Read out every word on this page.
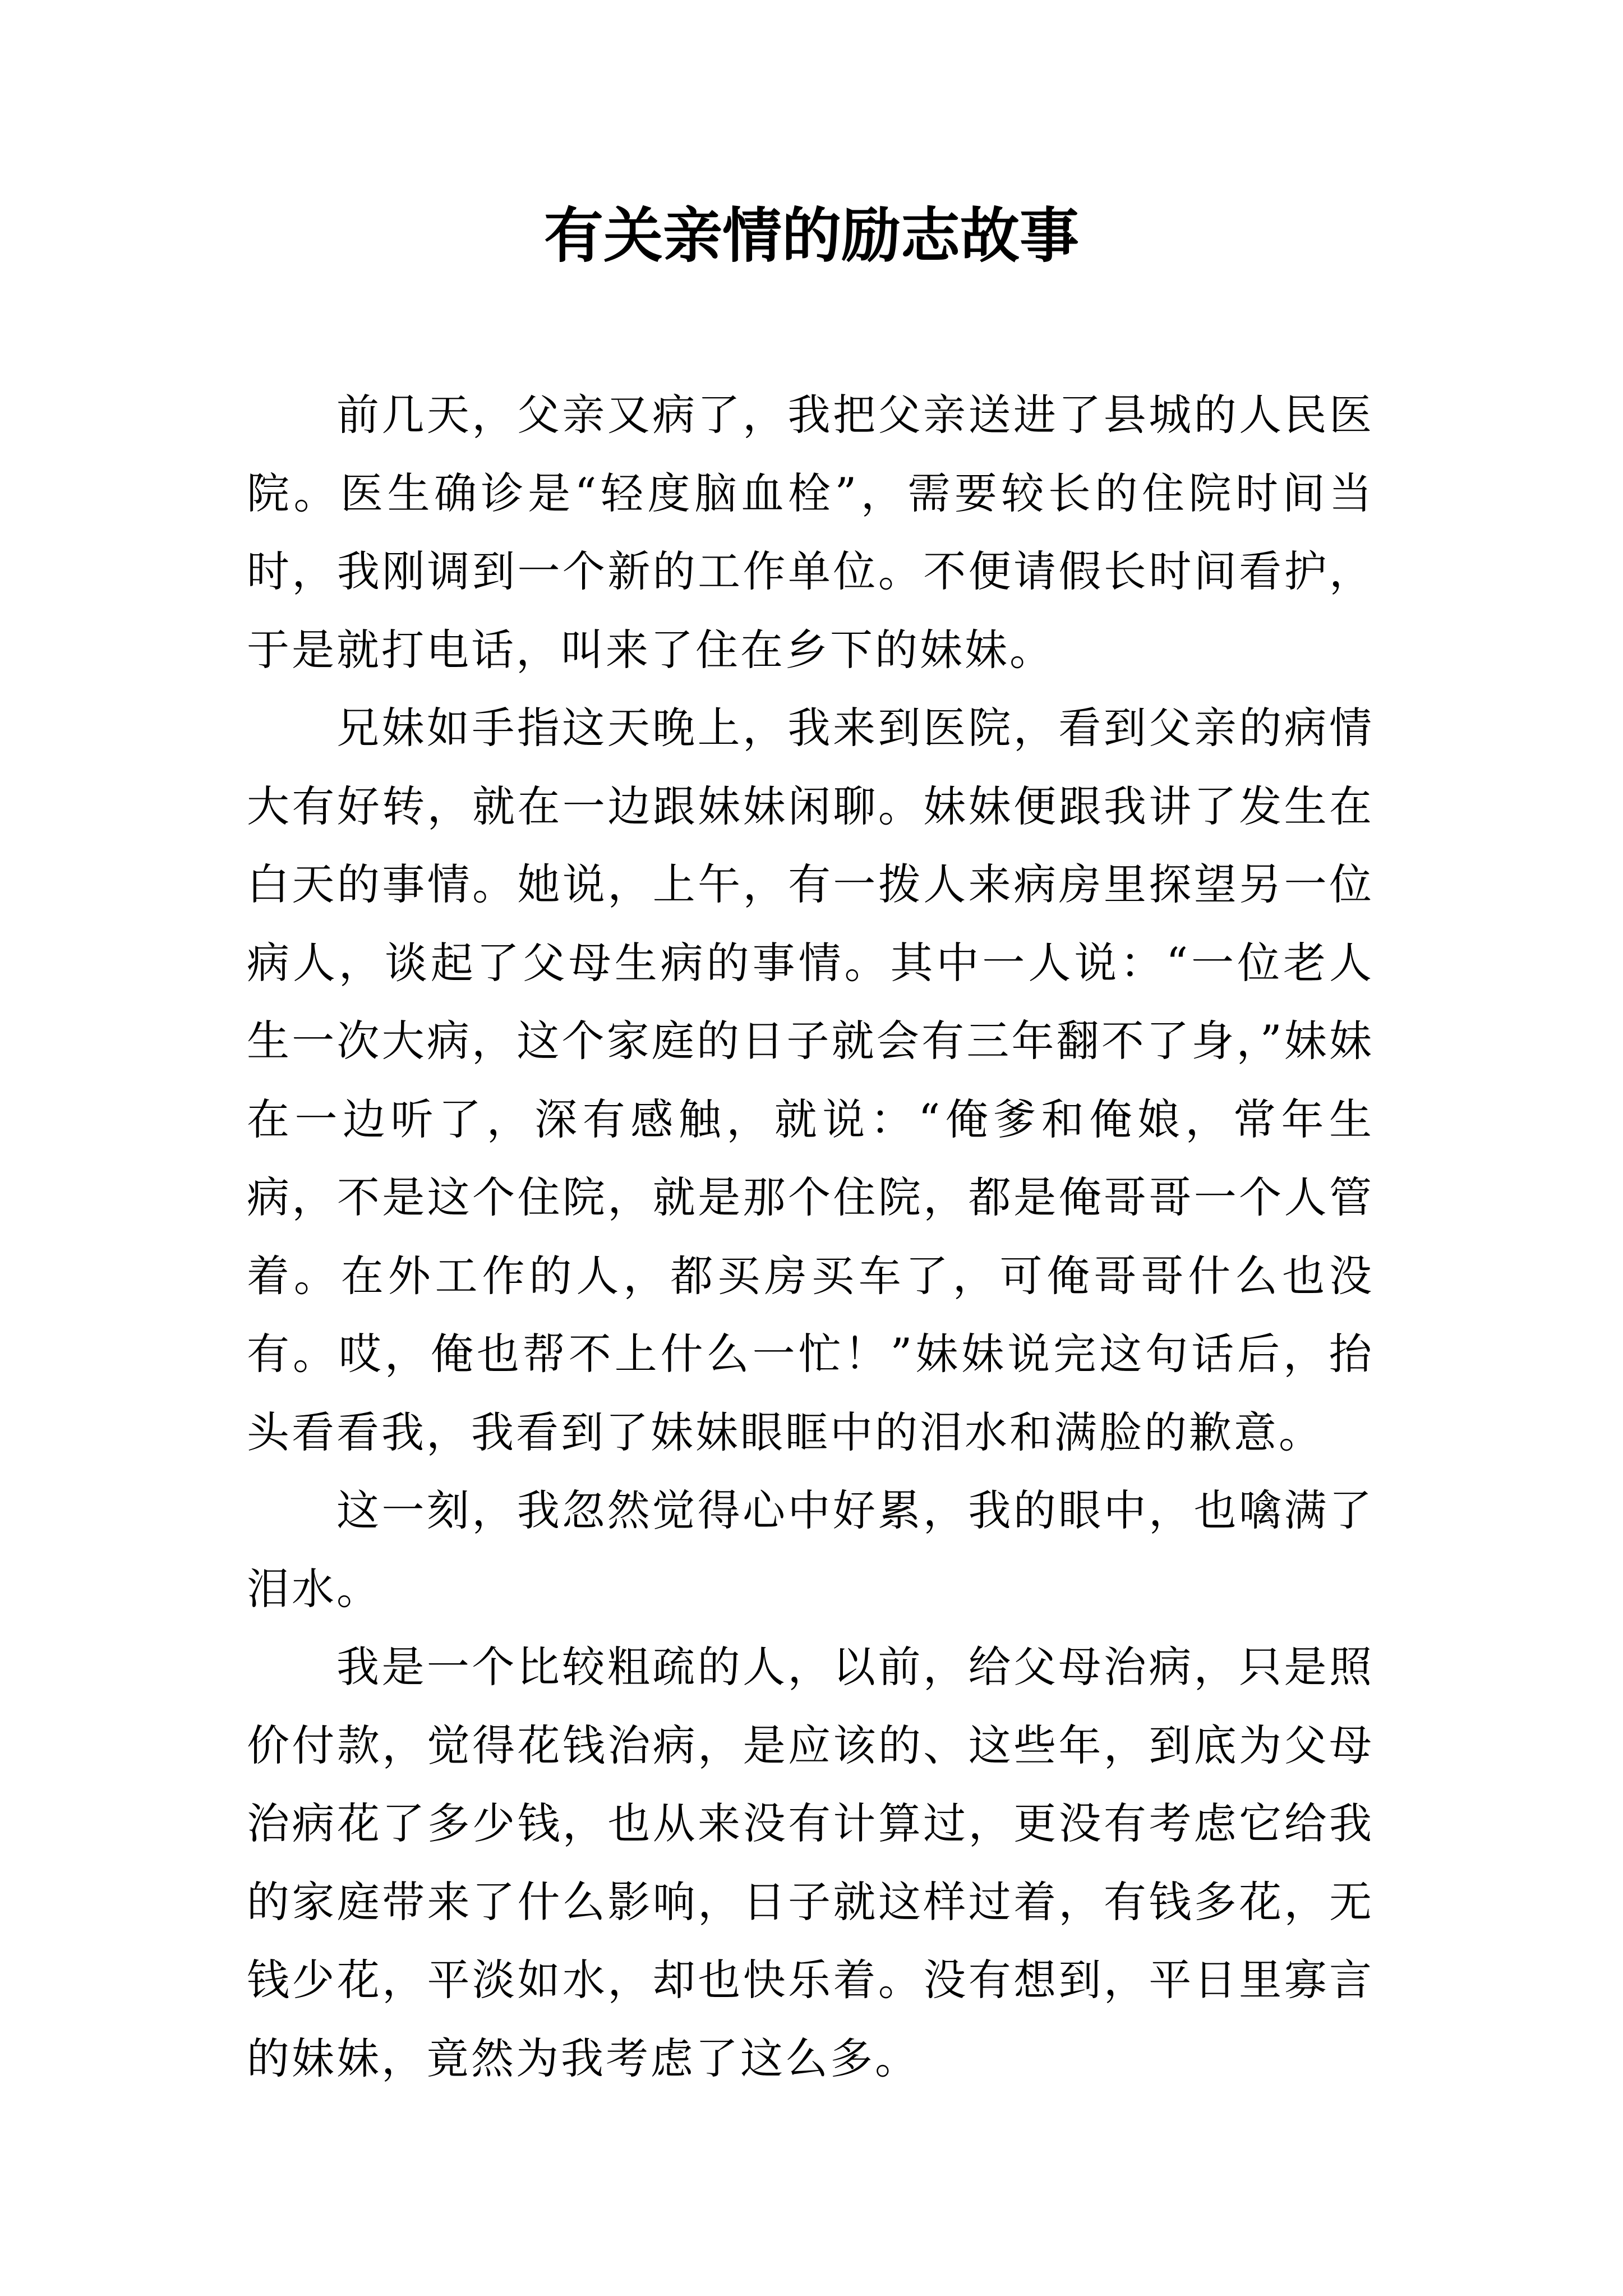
有关亲情的励志故事

前几天，父亲又病了，我把父亲送进了县城的人民医院。医生确诊是“轻度脑血栓”，需要较长的住院时间当时，我刚调到一个新的工作单位。不便请假长时间看护，于是就打电话，叫来了住在乡下的妹妹。

兄妹如手指这天晚上，我来到医院，看到父亲的病情大有好转，就在一边跟妹妹闲聊。妹妹便跟我讲了发生在白天的事情。她说，上午，有一拨人来病房里探望另一位病人，谈起了父母生病的事情。其中一人说：“一位老人生一次大病，这个家庭的日子就会有三年翻不了身，”妹妹在一边听了，深有感触，就说：“俺爹和俺娘，常年生病，不是这个住院，就是那个住院，都是俺哥哥一个人管着。在外工作的人，都买房买车了，可俺哥哥什么也没有。哎，俺也帮不上什么一忙！”妹妹说完这句话后，抬头看看我，我看到了妹妹眼眶中的泪水和满脸的歉意。

这一刻，我忽然觉得心中好累，我的眼中，也噙满了泪水。

我是一个比较粗疏的人，以前，给父母治病，只是照价付款，觉得花钱治病，是应该的、这些年，到底为父母治病花了多少钱，也从来没有计算过，更没有考虑它给我的家庭带来了什么影响，日子就这样过着，有钱多花，无钱少花，平淡如水，却也快乐着。没有想到，平日里寡言的妹妹，竟然为我考虑了这么多。
